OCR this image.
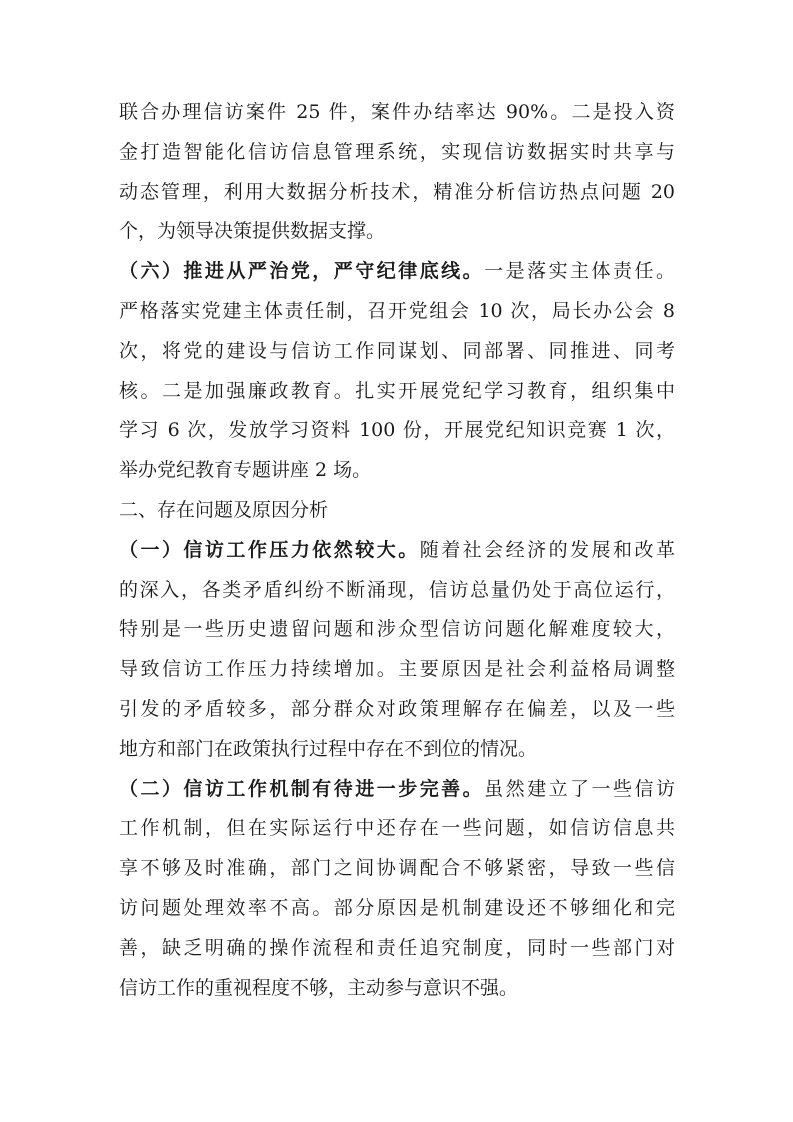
联合办理信访案件 25 件，案件办结率达 90%。二是投入资
金打造智能化信访信息管理系统，实现信访数据实时共享与
动态管理，利用大数据分析技术，精准分析信访热点问题 20
个，为领导决策提供数据支撑。
（六）推进从严治党，严守纪律底线。一是落实主体责任。
严格落实党建主体责任制，召开党组会 10 次，局长办公会 8
次，将党的建设与信访工作同谋划、同部署、同推进、同考
核。二是加强廉政教育。扎实开展党纪学习教育，组织集中
学习 6 次，发放学习资料 100 份，开展党纪知识竞赛 1 次，
举办党纪教育专题讲座 2 场。
二、存在问题及原因分析
（一）信访工作压力依然较大。随着社会经济的发展和改革
的深入，各类矛盾纠纷不断涌现，信访总量仍处于高位运行，
特别是一些历史遗留问题和涉众型信访问题化解难度较大，
导致信访工作压力持续增加。主要原因是社会利益格局调整
引发的矛盾较多，部分群众对政策理解存在偏差，以及一些
地方和部门在政策执行过程中存在不到位的情况。
（二）信访工作机制有待进一步完善。虽然建立了一些信访
工作机制，但在实际运行中还存在一些问题，如信访信息共
享不够及时准确，部门之间协调配合不够紧密，导致一些信
访问题处理效率不高。部分原因是机制建设还不够细化和完
善，缺乏明确的操作流程和责任追究制度，同时一些部门对
信访工作的重视程度不够，主动参与意识不强。
